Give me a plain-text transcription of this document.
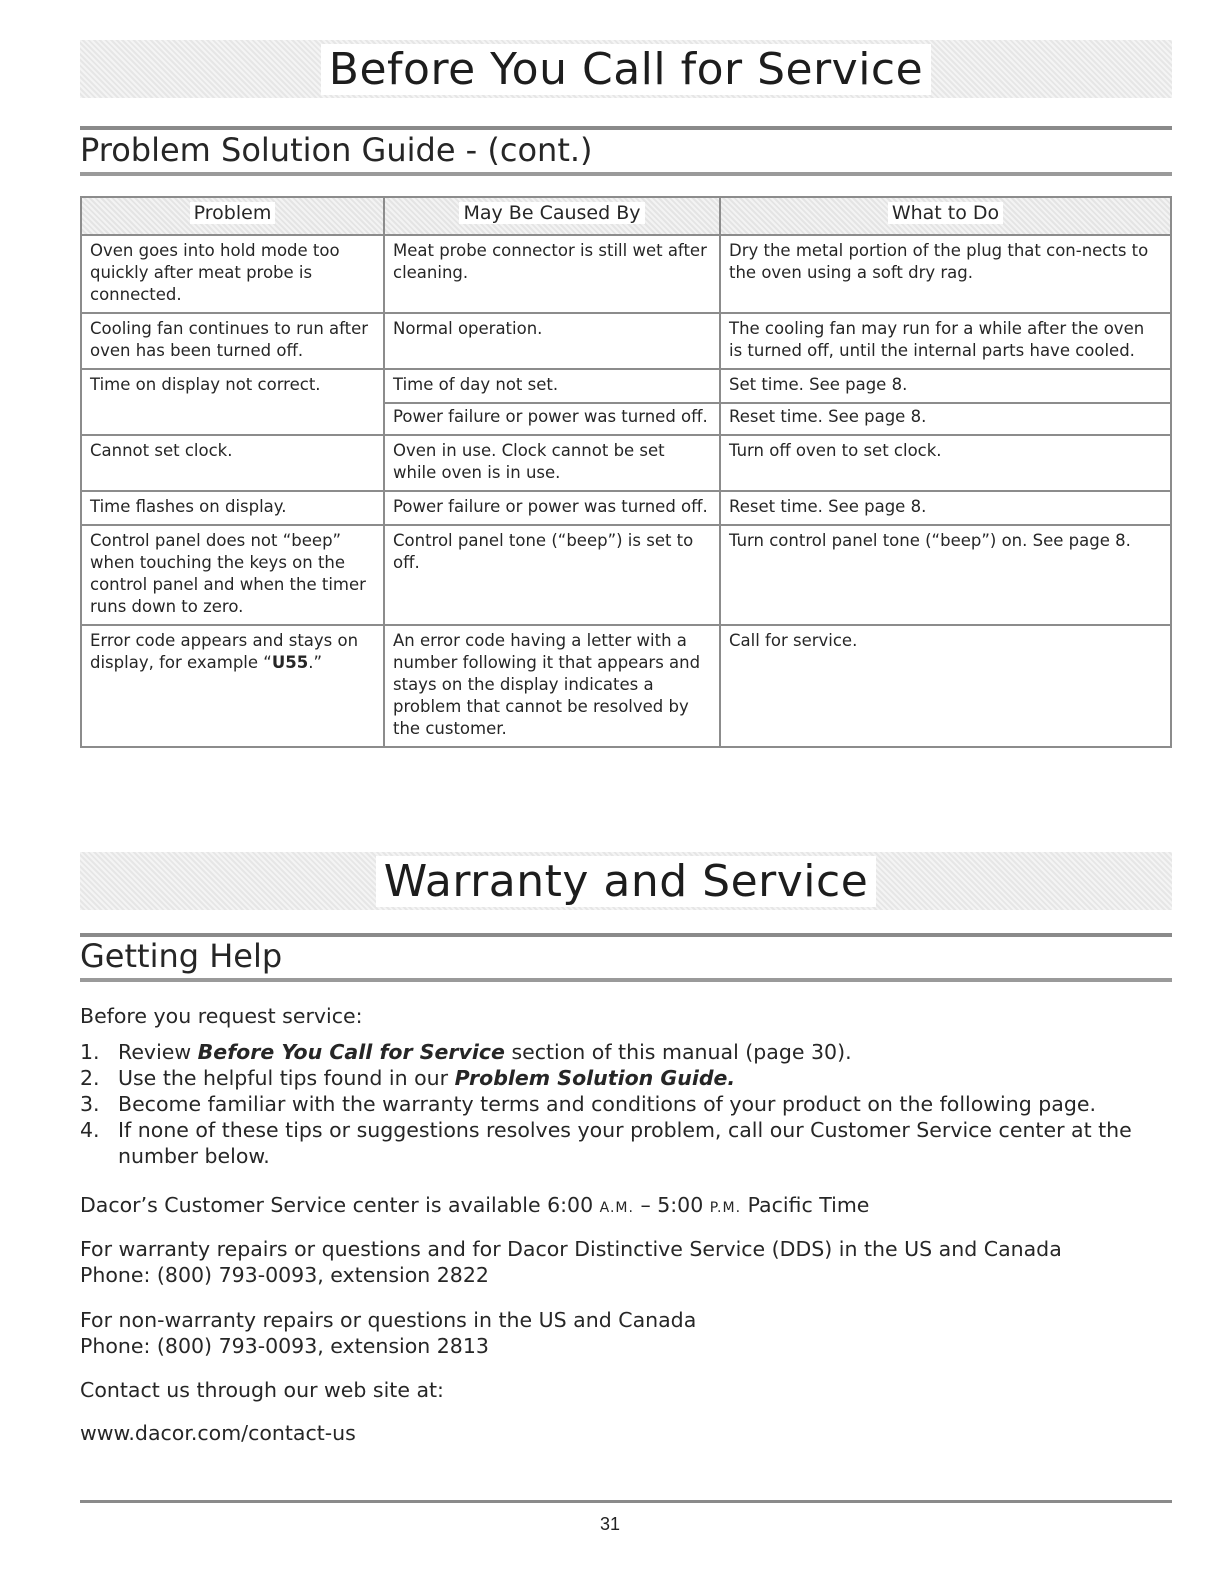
Before You Call for Service
Problem Solution Guide - (cont.)
Problem	May Be Caused By	What to Do
Oven goes into hold mode too quickly after meat probe is connected.	Meat probe connector is still wet after cleaning.	Dry the metal portion of the plug that con-nects to the oven using a soft dry rag.
Cooling fan continues to run after oven has been turned off.	Normal operation.	The cooling fan may run for a while after the oven is turned off, until the internal parts have cooled.
Time on display not correct.	Time of day not set.	Set time. See page 8.
	Power failure or power was turned off.	Reset time. See page 8.
Cannot set clock.	Oven in use. Clock cannot be set while oven is in use.	Turn off oven to set clock.
Time flashes on display.	Power failure or power was turned off.	Reset time. See page 8.
Control panel does not “beep” when touching the keys on the control panel and when the timer runs down to zero.	Control panel tone (“beep”) is set to off.	Turn control panel tone (“beep”) on. See page 8.
Error code appears and stays on display, for example “U55.”	An error code having a letter with a number following it that appears and stays on the display indicates a problem that cannot be resolved by the customer.	Call for service.
Warranty and Service
Getting Help
Before you request service:
1. Review Before You Call for Service section of this manual (page 30).
2. Use the helpful tips found in our Problem Solution Guide.
3. Become familiar with the warranty terms and conditions of your product on the following page.
4. If none of these tips or suggestions resolves your problem, call our Customer Service center at the number below.
Dacor’s Customer Service center is available 6:00 A.M. – 5:00 P.M. Pacific Time
For warranty repairs or questions and for Dacor Distinctive Service (DDS) in the US and Canada
Phone: (800) 793-0093, extension 2822
For non-warranty repairs or questions in the US and Canada
Phone: (800) 793-0093, extension 2813
Contact us through our web site at:
www.dacor.com/contact-us
31
